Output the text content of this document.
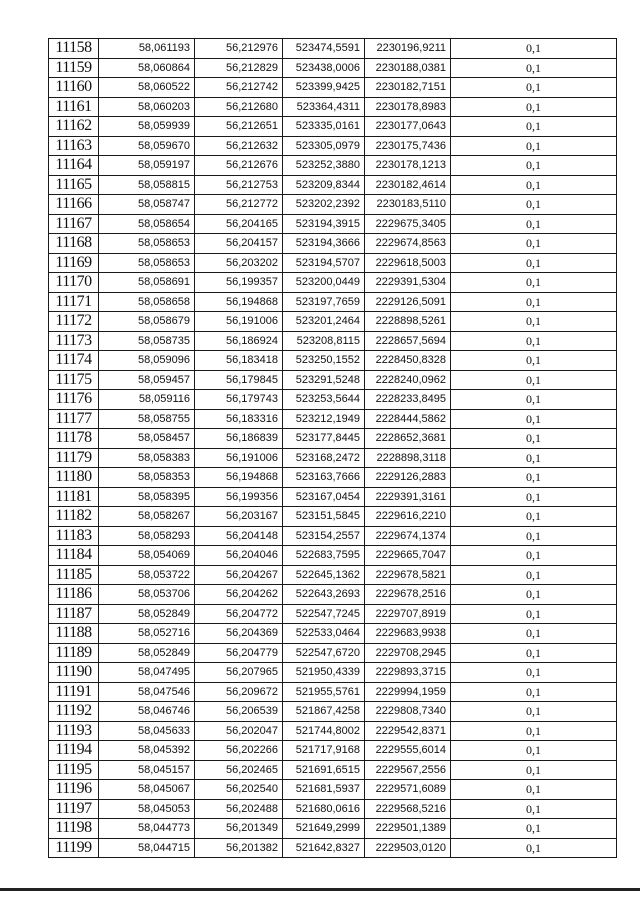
11158	58,061193	56,212976	523474,5591	2230196,9211	0,1
11159	58,060864	56,212829	523438,0006	2230188,0381	0,1
11160	58,060522	56,212742	523399,9425	2230182,7151	0,1
11161	58,060203	56,212680	523364,4311	2230178,8983	0,1
11162	58,059939	56,212651	523335,0161	2230177,0643	0,1
11163	58,059670	56,212632	523305,0979	2230175,7436	0,1
11164	58,059197	56,212676	523252,3880	2230178,1213	0,1
11165	58,058815	56,212753	523209,8344	2230182,4614	0,1
11166	58,058747	56,212772	523202,2392	2230183,5110	0,1
11167	58,058654	56,204165	523194,3915	2229675,3405	0,1
11168	58,058653	56,204157	523194,3666	2229674,8563	0,1
11169	58,058653	56,203202	523194,5707	2229618,5003	0,1
11170	58,058691	56,199357	523200,0449	2229391,5304	0,1
11171	58,058658	56,194868	523197,7659	2229126,5091	0,1
11172	58,058679	56,191006	523201,2464	2228898,5261	0,1
11173	58,058735	56,186924	523208,8115	2228657,5694	0,1
11174	58,059096	56,183418	523250,1552	2228450,8328	0,1
11175	58,059457	56,179845	523291,5248	2228240,0962	0,1
11176	58,059116	56,179743	523253,5644	2228233,8495	0,1
11177	58,058755	56,183316	523212,1949	2228444,5862	0,1
11178	58,058457	56,186839	523177,8445	2228652,3681	0,1
11179	58,058383	56,191006	523168,2472	2228898,3118	0,1
11180	58,058353	56,194868	523163,7666	2229126,2883	0,1
11181	58,058395	56,199356	523167,0454	2229391,3161	0,1
11182	58,058267	56,203167	523151,5845	2229616,2210	0,1
11183	58,058293	56,204148	523154,2557	2229674,1374	0,1
11184	58,054069	56,204046	522683,7595	2229665,7047	0,1
11185	58,053722	56,204267	522645,1362	2229678,5821	0,1
11186	58,053706	56,204262	522643,2693	2229678,2516	0,1
11187	58,052849	56,204772	522547,7245	2229707,8919	0,1
11188	58,052716	56,204369	522533,0464	2229683,9938	0,1
11189	58,052849	56,204779	522547,6720	2229708,2945	0,1
11190	58,047495	56,207965	521950,4339	2229893,3715	0,1
11191	58,047546	56,209672	521955,5761	2229994,1959	0,1
11192	58,046746	56,206539	521867,4258	2229808,7340	0,1
11193	58,045633	56,202047	521744,8002	2229542,8371	0,1
11194	58,045392	56,202266	521717,9168	2229555,6014	0,1
11195	58,045157	56,202465	521691,6515	2229567,2556	0,1
11196	58,045067	56,202540	521681,5937	2229571,6089	0,1
11197	58,045053	56,202488	521680,0616	2229568,5216	0,1
11198	58,044773	56,201349	521649,2999	2229501,1389	0,1
11199	58,044715	56,201382	521642,8327	2229503,0120	0,1
